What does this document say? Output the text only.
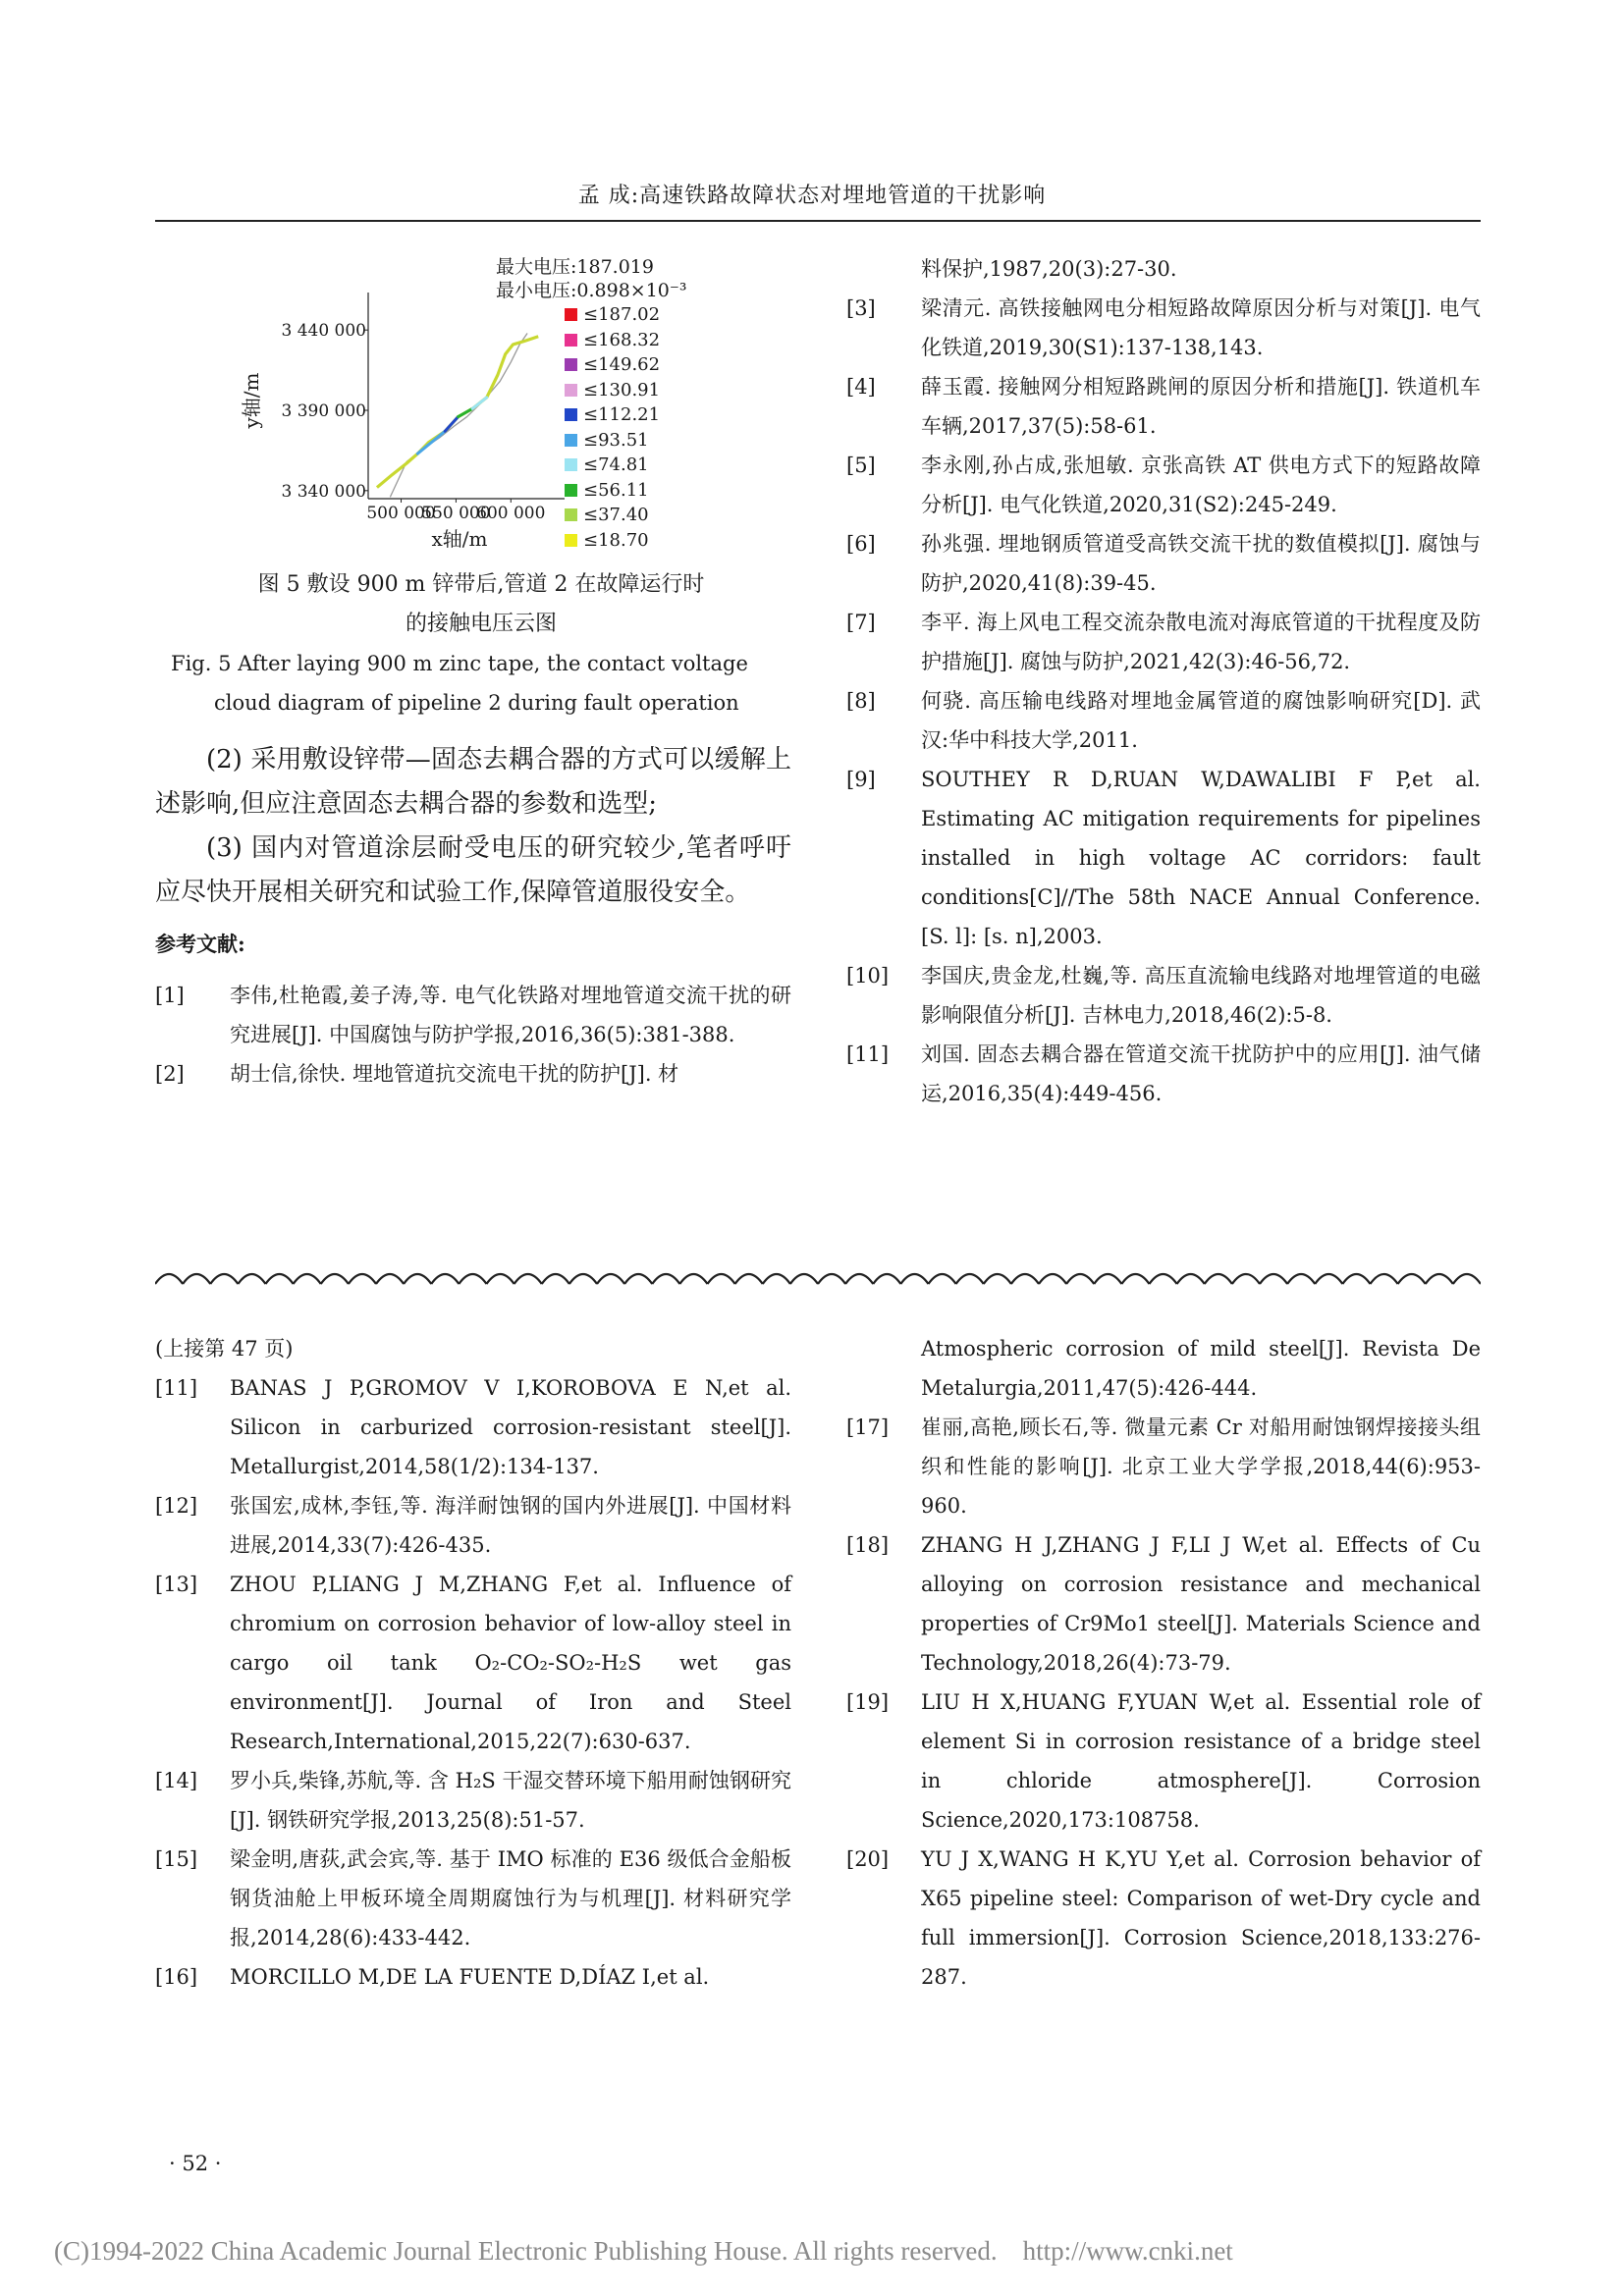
孟 成:高速铁路故障状态对埋地管道的干扰影响
3 340 000
3 390 000
3 440 000
500 000
550 000
600 000
y轴/m
x轴/m
最大电压:187.019
最小电压:0.898×10⁻³
≤187.02
≤168.32
≤149.62
≤130.91
≤112.21
≤93.51
≤74.81
≤56.11
≤37.40
≤18.70
图 5 敷设 900 m 锌带后,管道 2 在故障运行时
的接触电压云图
Fig. 5 After laying 900 m zinc tape, the contact voltage
cloud diagram of pipeline 2 during fault operation

(2) 采用敷设锌带—固态去耦合器的方式可以缓解上述影响,但应注意固态去耦合器的参数和选型;

(3) 国内对管道涂层耐受电压的研究较少,笔者呼吁应尽快开展相关研究和试验工作,保障管道服役安全。

参考文献:
[1]	李伟,杜艳霞,姜子涛,等. 电气化铁路对埋地管道交流干扰的研究进展[J]. 中国腐蚀与防护学报,2016,36(5):381-388.
[2]	胡士信,徐快. 埋地管道抗交流电干扰的防护[J]. 材
料保护,1987,20(3):27-30.
[3]	梁清元. 高铁接触网电分相短路故障原因分析与对策[J]. 电气化铁道,2019,30(S1):137-138,143.
[4]	薛玉霞. 接触网分相短路跳闸的原因分析和措施[J]. 铁道机车车辆,2017,37(5):58-61.
[5]	李永刚,孙占成,张旭敏. 京张高铁 AT 供电方式下的短路故障分析[J]. 电气化铁道,2020,31(S2):245-249.
[6]	孙兆强. 埋地钢质管道受高铁交流干扰的数值模拟[J]. 腐蚀与防护,2020,41(8):39-45.
[7]	李平. 海上风电工程交流杂散电流对海底管道的干扰程度及防护措施[J]. 腐蚀与防护,2021,42(3):46-56,72.
[8]	何骁. 高压输电线路对埋地金属管道的腐蚀影响研究[D]. 武汉:华中科技大学,2011.
[9]	SOUTHEY R D,RUAN W,DAWALIBI F P,et al. Estimating AC mitigation requirements for pipelines installed in high voltage AC corridors: fault conditions[C]//The 58th NACE Annual Conference. [S. l]: [s. n],2003.
[10]	李国庆,贵金龙,杜巍,等. 高压直流输电线路对地埋管道的电磁影响限值分析[J]. 吉林电力,2018,46(2):5-8.
[11]	刘国. 固态去耦合器在管道交流干扰防护中的应用[J]. 油气储运,2016,35(4):449-456.
(上接第 47 页)
[11]	BANAS J P,GROMOV V I,KOROBOVA E N,et al. Silicon in carburized corrosion-resistant steel[J]. Metallurgist,2014,58(1/2):134-137.
[12]	张国宏,成林,李钰,等. 海洋耐蚀钢的国内外进展[J]. 中国材料进展,2014,33(7):426-435.
[13]	ZHOU P,LIANG J M,ZHANG F,et al. Influence of chromium on corrosion behavior of low-alloy steel in cargo oil tank O₂-CO₂-SO₂-H₂S wet gas environment[J]. Journal of Iron and Steel Research,International,2015,22(7):630-637.
[14]	罗小兵,柴锋,苏航,等. 含 H₂S 干湿交替环境下船用耐蚀钢研究[J]. 钢铁研究学报,2013,25(8):51-57.
[15]	梁金明,唐荻,武会宾,等. 基于 IMO 标准的 E36 级低合金船板钢货油舱上甲板环境全周期腐蚀行为与机理[J]. 材料研究学报,2014,28(6):433-442.
[16]	MORCILLO M,DE LA FUENTE D,DÍAZ I,et al.
Atmospheric corrosion of mild steel[J]. Revista De Metalurgia,2011,47(5):426-444.
[17]	崔丽,高艳,顾长石,等. 微量元素 Cr 对船用耐蚀钢焊接接头组织和性能的影响[J]. 北京工业大学学报,2018,44(6):953-960.
[18]	ZHANG H J,ZHANG J F,LI J W,et al. Effects of Cu alloying on corrosion resistance and mechanical properties of Cr9Mo1 steel[J]. Materials Science and Technology,2018,26(4):73-79.
[19]	LIU H X,HUANG F,YUAN W,et al. Essential role of element Si in corrosion resistance of a bridge steel in chloride atmosphere[J]. Corrosion Science,2020,173:108758.
[20]	YU J X,WANG H K,YU Y,et al. Corrosion behavior of X65 pipeline steel: Comparison of wet-Dry cycle and full immersion[J]. Corrosion Science,2018,133:276-287.
· 52 ·
(C)1994-2022 China Academic Journal Electronic Publishing House. All rights reserved. http://www.cnki.net
